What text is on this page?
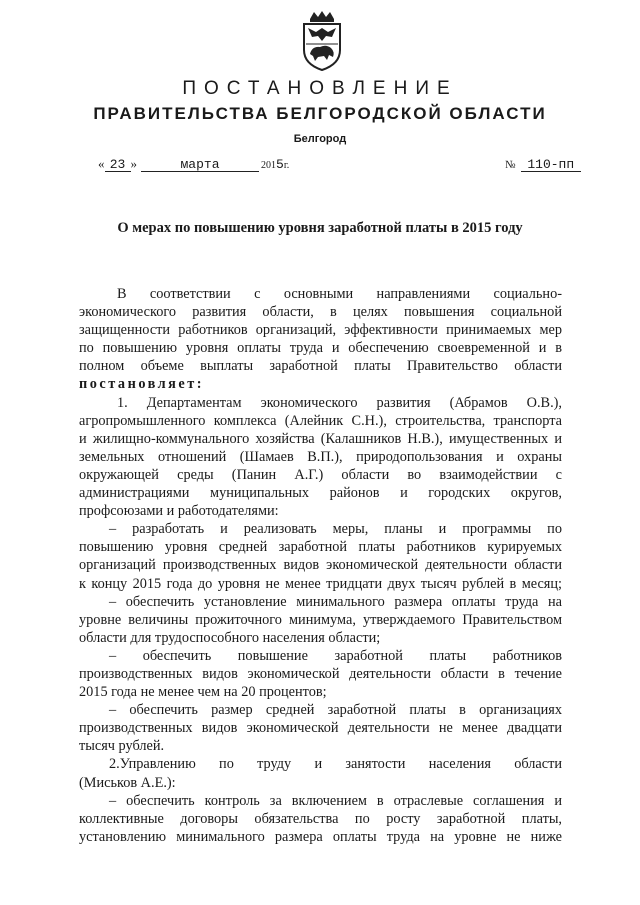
ПОСТАНОВЛЕНИЕ
ПРАВИТЕЛЬСТВА БЕЛГОРОДСКОЙ ОБЛАСТИ
Белгород
« 23 »	марта	2015г.	№ 110-пп
О мерах по повышению уровня заработной платы в 2015 году

В соответствии с основными направлениями социально-

экономического развития области, в целях повышения социальной

защищенности работников организаций, эффективности принимаемых мер

по повышению уровня оплаты труда и обеспечению своевременной и в

полном объеме выплаты заработной платы Правительство области

постановляет:

1. Департаментам экономического развития (Абрамов О.В.),

агропромышленного комплекса (Алейник С.Н.), строительства, транспорта

и жилищно-коммунального хозяйства (Калашников Н.В.), имущественных и

земельных отношений (Шамаев В.П.), природопользования и охраны

окружающей среды (Панин А.Г.) области во взаимодействии с

администрациями муниципальных районов и городских округов,

профсоюзами и работодателями:

– разработать и реализовать меры, планы и программы по

повышению уровня средней заработной платы работников курируемых

организаций производственных видов экономической деятельности области

к концу 2015 года до уровня не менее тридцати двух тысяч рублей в месяц;

– обеспечить установление минимального размера оплаты труда на

уровне величины прожиточного минимума, утверждаемого Правительством

области для трудоспособного населения области;

– обеспечить повышение заработной платы работников

производственных видов экономической деятельности области в течение

2015 года не менее чем на 20 процентов;

– обеспечить размер средней заработной платы в организациях

производственных видов экономической деятельности не менее двадцати

тысяч рублей.

2.Управлению по труду и занятости населения области

(Миськов А.Е.):

– обеспечить контроль за включением в отраслевые соглашения и

коллективные договоры обязательства по росту заработной платы,

установлению минимального размера оплаты труда на уровне не ниже
